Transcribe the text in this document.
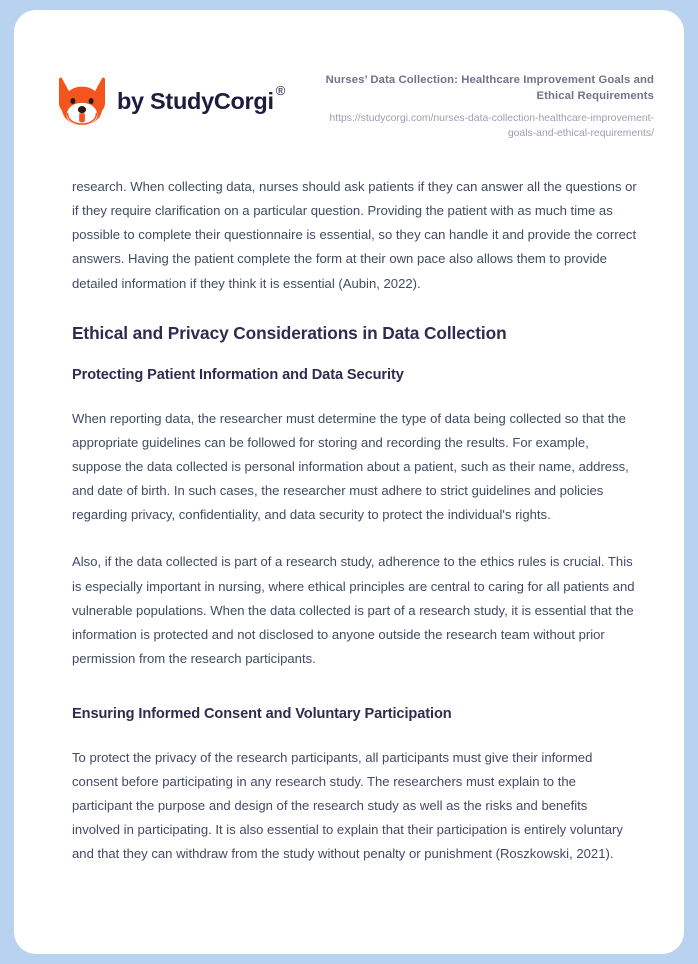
by StudyCorgi ®

Nurses’ Data Collection: Healthcare Improvement Goals and Ethical Requirements

https://studycorgi.com/nurses-data-collection-healthcare-improvement-goals-and-ethical-requirements/

research. When collecting data, nurses should ask patients if they can answer all the questions or if they require clarification on a particular question. Providing the patient with as much time as possible to complete their questionnaire is essential, so they can handle it and provide the correct answers. Having the patient complete the form at their own pace also allows them to provide detailed information if they think it is essential (Aubin, 2022).

Ethical and Privacy Considerations in Data Collection
Protecting Patient Information and Data Security

When reporting data, the researcher must determine the type of data being collected so that the appropriate guidelines can be followed for storing and recording the results. For example, suppose the data collected is personal information about a patient, such as their name, address, and date of birth. In such cases, the researcher must adhere to strict guidelines and policies regarding privacy, confidentiality, and data security to protect the individual's rights.

Also, if the data collected is part of a research study, adherence to the ethics rules is crucial. This is especially important in nursing, where ethical principles are central to caring for all patients and vulnerable populations. When the data collected is part of a research study, it is essential that the information is protected and not disclosed to anyone outside the research team without prior permission from the research participants.

Ensuring Informed Consent and Voluntary Participation

To protect the privacy of the research participants, all participants must give their informed consent before participating in any research study. The researchers must explain to the participant the purpose and design of the research study as well as the risks and benefits involved in participating. It is also essential to explain that their participation is entirely voluntary and that they can withdraw from the study without penalty or punishment (Roszkowski, 2021).
